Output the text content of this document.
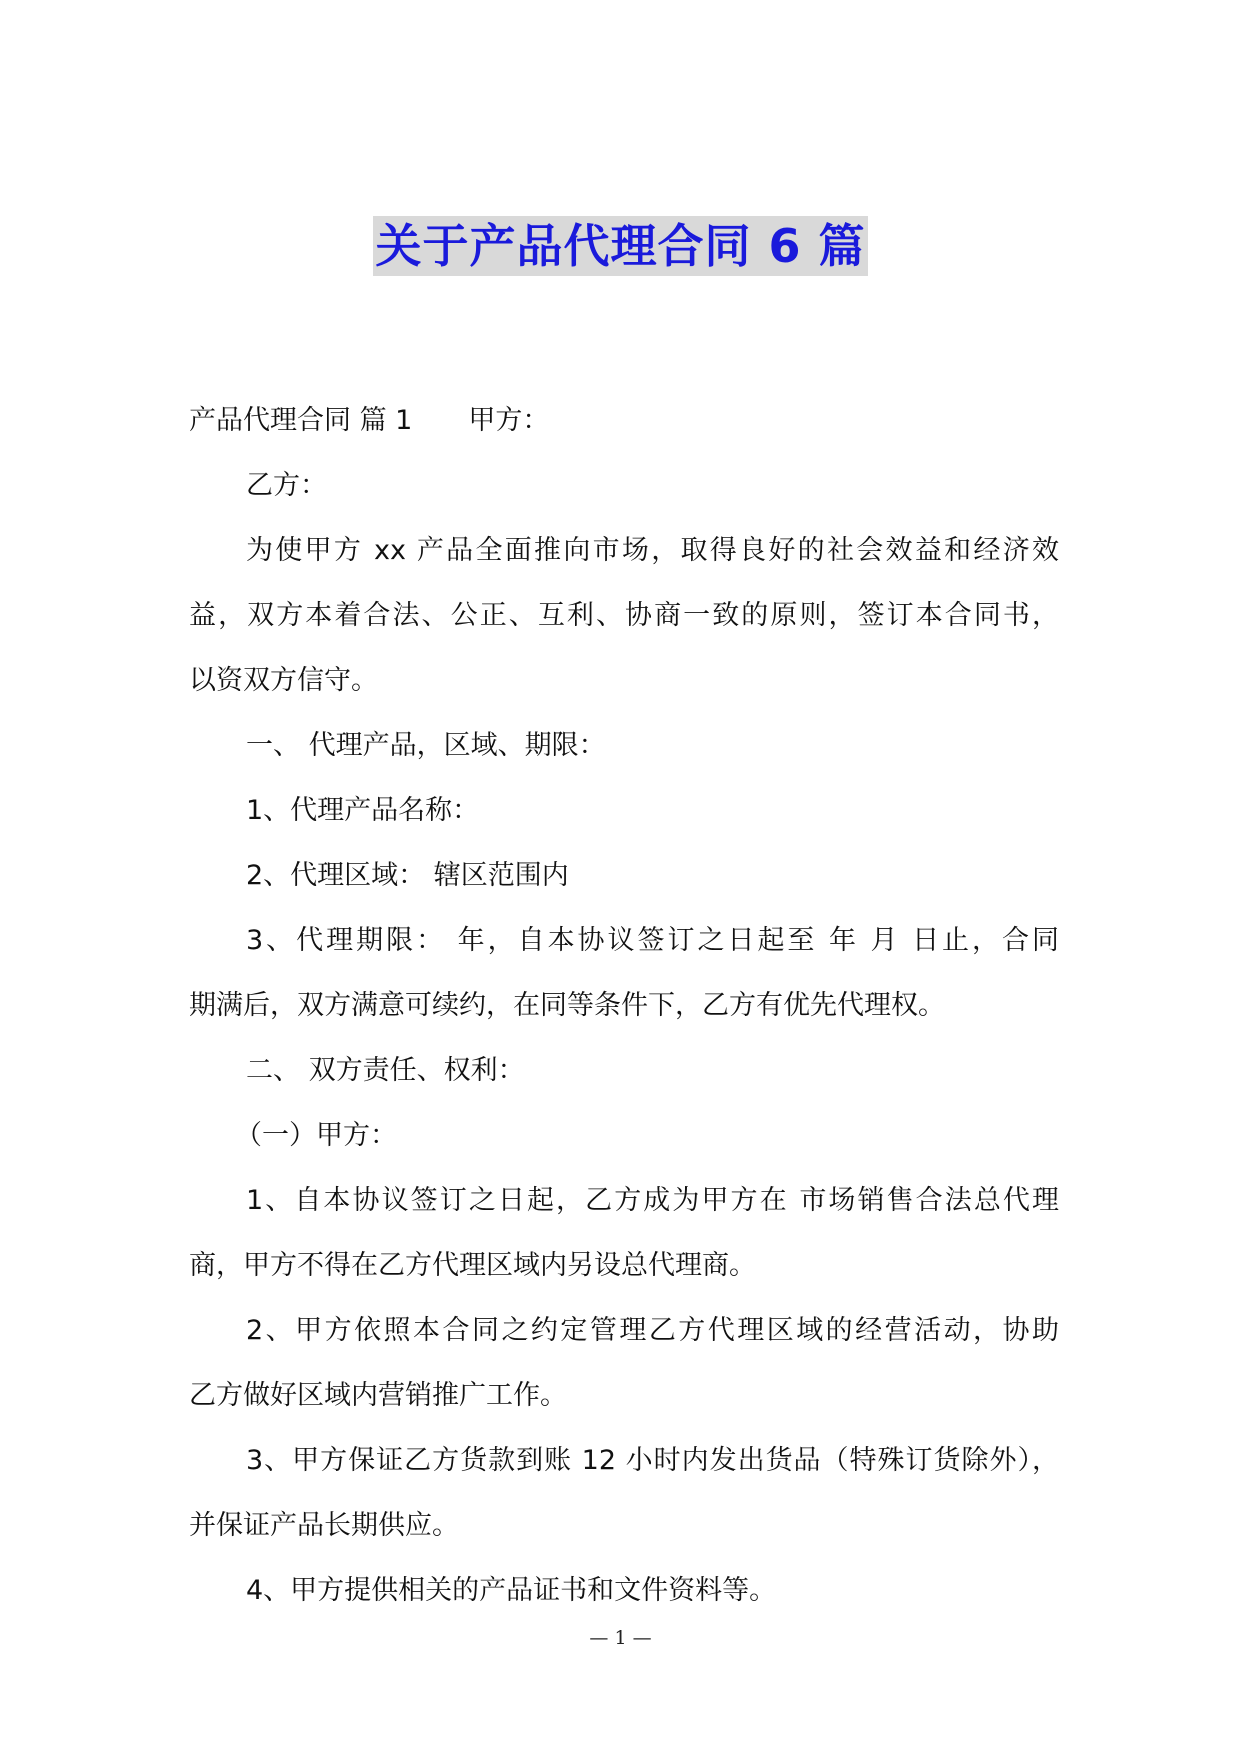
关于产品代理合同 6 篇

产品代理合同 篇 1 甲方：

乙方：

为使甲方 xx 产品全面推向市场，取得良好的社会效益和经济效

益，双方本着合法、公正、互利、协商一致的原则，签订本合同书，

以资双方信守。

一、 代理产品，区域、期限：

1、代理产品名称：

2、代理区域： 辖区范围内

3、代理期限： 年，自本协议签订之日起至 年 月 日止，合同

期满后，双方满意可续约，在同等条件下，乙方有优先代理权。

二、 双方责任、权利：

（一）甲方：

1、自本协议签订之日起，乙方成为甲方在 市场销售合法总代理

商，甲方不得在乙方代理区域内另设总代理商。

2、甲方依照本合同之约定管理乙方代理区域的经营活动，协助

乙方做好区域内营销推广工作。

3、甲方保证乙方货款到账 12 小时内发出货品（特殊订货除外），

并保证产品长期供应。

4、甲方提供相关的产品证书和文件资料等。

— 1 —
